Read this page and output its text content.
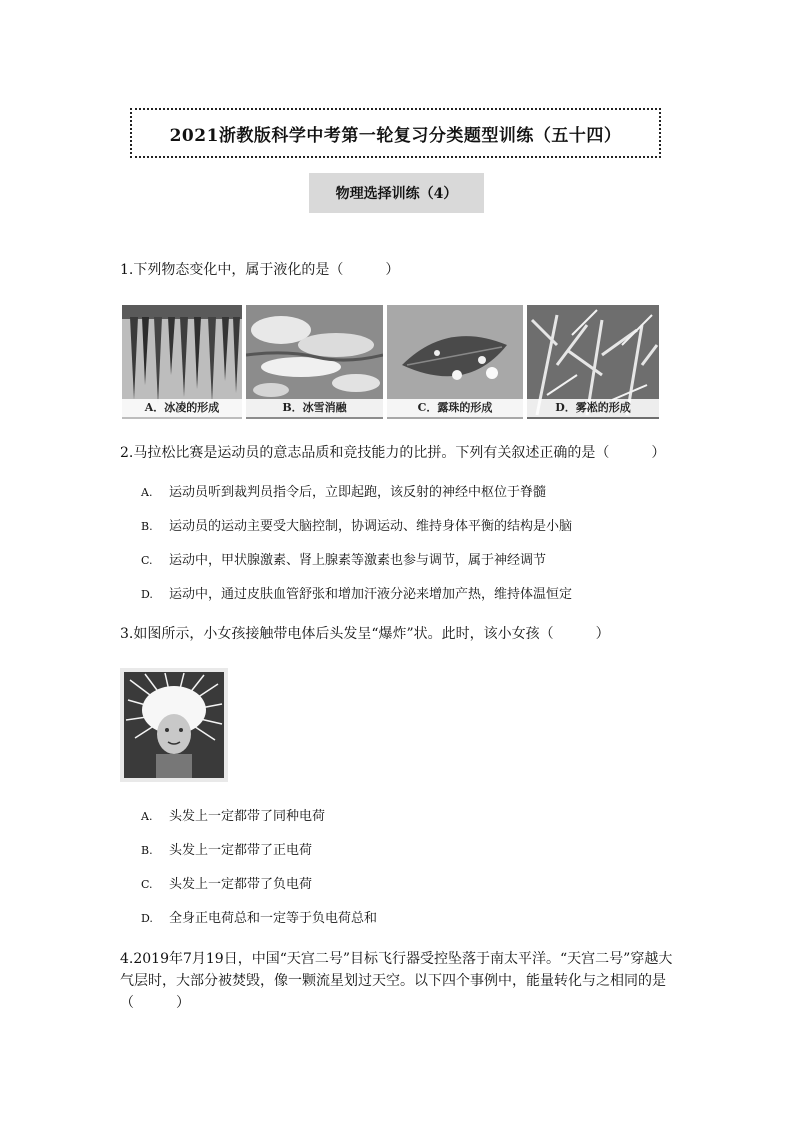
2021浙教版科学中考第一轮复习分类题型训练（五十四）
物理选择训练（4）
1.下列物态变化中，属于液化的是（　　　）
A．冰凌的形成	B．冰雪消融	C．露珠的形成	D．雾凇的形成
2.马拉松比赛是运动员的意志品质和竞技能力的比拼。下列有关叙述正确的是（　　　）
A. 运动员听到裁判员指令后，立即起跑，该反射的神经中枢位于脊髓
B. 运动员的运动主要受大脑控制，协调运动、维持身体平衡的结构是小脑
C. 运动中，甲状腺激素、肾上腺素等激素也参与调节，属于神经调节
D. 运动中，通过皮肤血管舒张和增加汗液分泌来增加产热，维持体温恒定
3.如图所示，小女孩接触带电体后头发呈“爆炸”状。此时，该小女孩（　　　）
A. 头发上一定都带了同种电荷
B. 头发上一定都带了正电荷
C. 头发上一定都带了负电荷
D. 全身正电荷总和一定等于负电荷总和
4.2019年7月19日，中国“天宫二号”目标飞行器受控坠落于南太平洋。“天宫二号”穿越大气层时，大部分被焚毁，像一颗流星划过天空。以下四个事例中，能量转化与之相同的是（　　　）
